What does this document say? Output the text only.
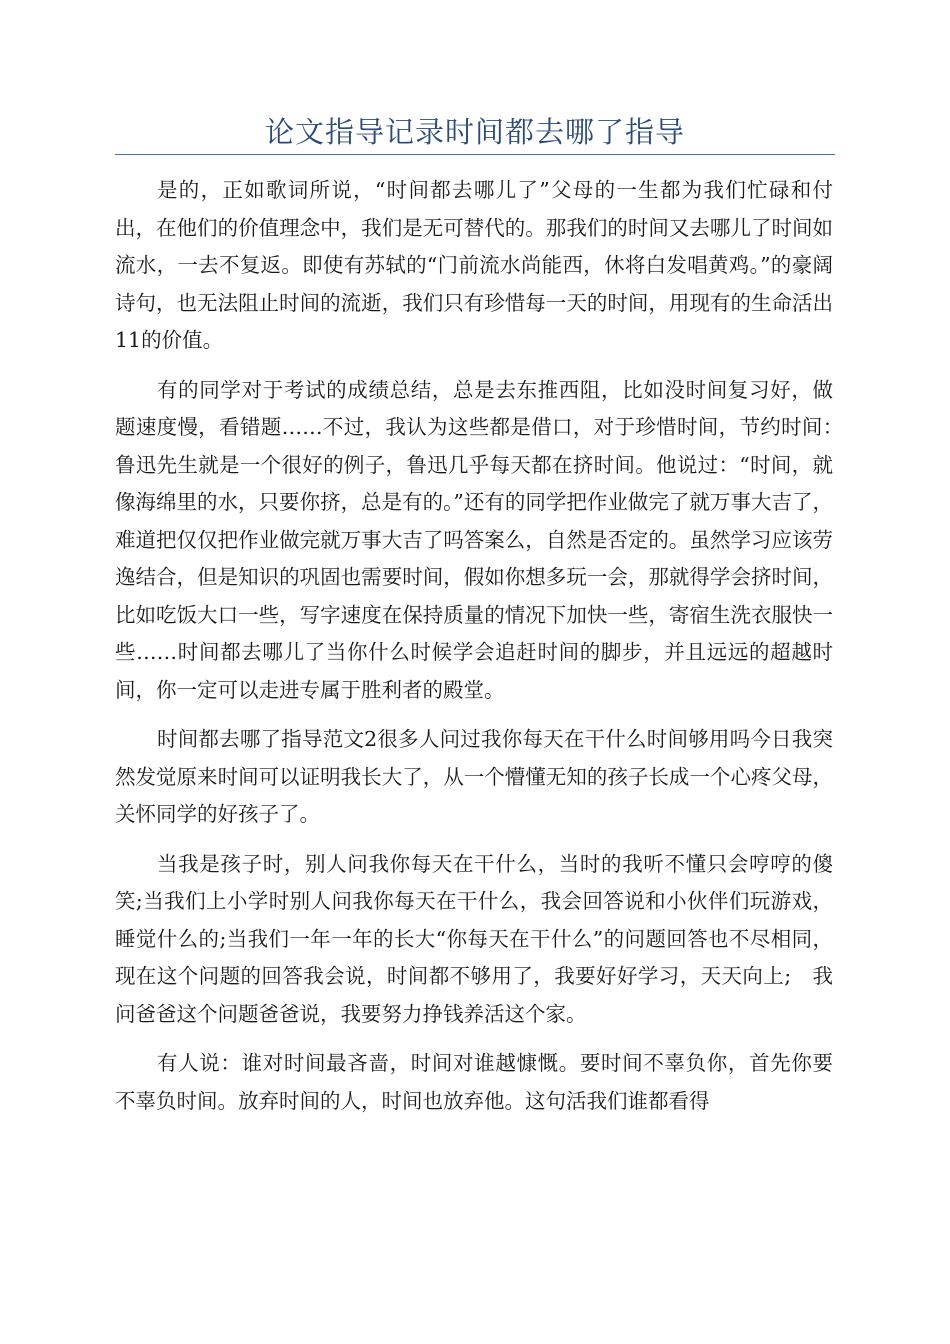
论文指导记录时间都去哪了指导

是的，正如歌词所说，“时间都去哪儿了”父母的一生都为我们忙碌和付出，在他们的价值理念中，我们是无可替代的。那我们的时间又去哪儿了时间如流水，一去不复返。即使有苏轼的“门前流水尚能西，休将白发唱黄鸡。”的豪阔诗句，也无法阻止时间的流逝，我们只有珍惜每一天的时间，用现有的生命活出11的价值。

有的同学对于考试的成绩总结，总是去东推西阻，比如没时间复习好，做题速度慢，看错题……不过，我认为这些都是借口，对于珍惜时间，节约时间：　鲁迅先生就是一个很好的例子，鲁迅几乎每天都在挤时间。他说过：“时间，就像海绵里的水，只要你挤，总是有的。”还有的同学把作业做完了就万事大吉了，难道把仅仅把作业做完就万事大吉了吗答案么，自然是否定的。虽然学习应该劳逸结合，但是知识的巩固也需要时间，假如你想多玩一会，那就得学会挤时间，比如吃饭大口一些，写字速度在保持质量的情况下加快一些，寄宿生洗衣服快一些……时间都去哪儿了当你什么时候学会追赶时间的脚步，并且远远的超越时间，你一定可以走进专属于胜利者的殿堂。

时间都去哪了指导范文2很多人问过我你每天在干什么时间够用吗今日我突然发觉原来时间可以证明我长大了，从一个懵懂无知的孩子长成一个心疼父母，关怀同学的好孩子了。

当我是孩子时，别人问我你每天在干什么，当时的我听不懂只会哼哼的傻笑;当我们上小学时别人问我你每天在干什么，我会回答说和小伙伴们玩游戏，睡觉什么的;当我们一年一年的长大“你每天在干什么”的问题回答也不尽相同，现在这个问题的回答我会说，时间都不够用了，我要好好学习，天天向上;　我问爸爸这个问题爸爸说，我要努力挣钱养活这个家。

有人说：谁对时间最吝啬，时间对谁越慷慨。要时间不辜负你，首先你要不辜负时间。放弃时间的人，时间也放弃他。这句活我们谁都看得
